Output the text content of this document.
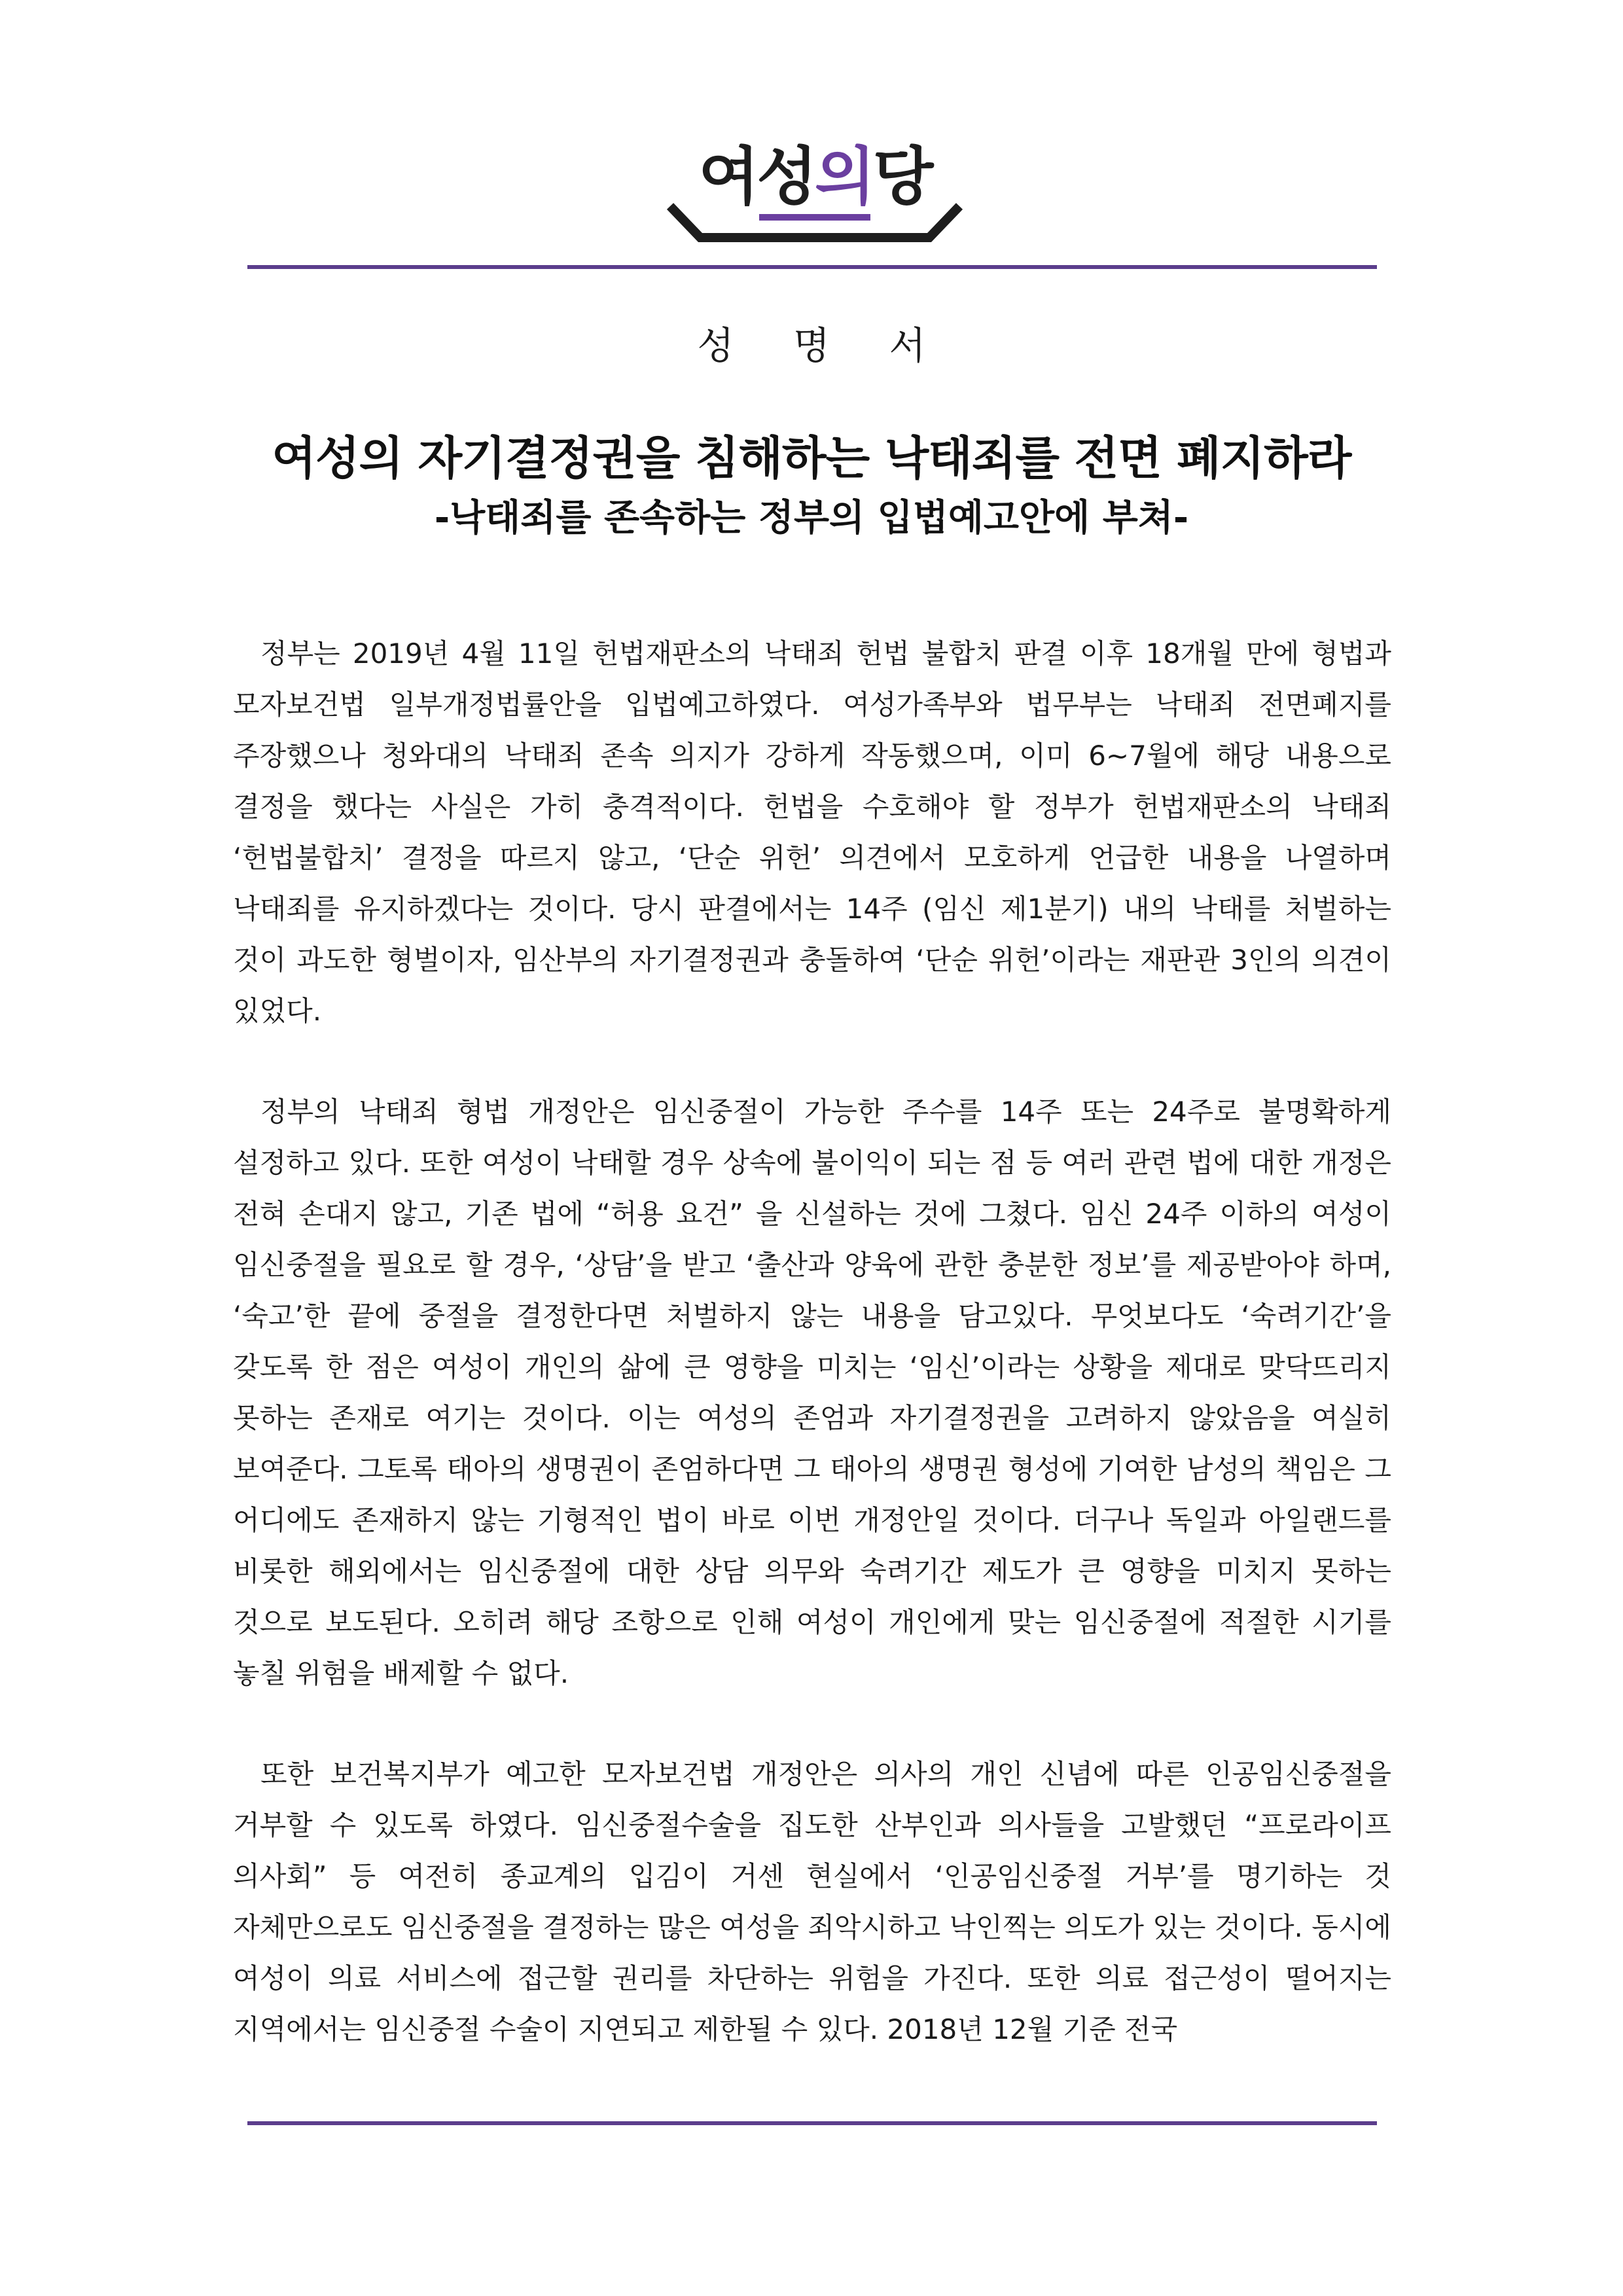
여성의당
성 명 서
여성의 자기결정권을 침해하는 낙태죄를 전면 폐지하라
-낙태죄를 존속하는 정부의 입법예고안에 부쳐-

정부는 2019년 4월 11일 헌법재판소의 낙태죄 헌법 불합치 판결 이후 18개월 만에 형법과 모자보건법 일부개정법률안을 입법예고하였다. 여성가족부와 법무부는 낙태죄 전면폐지를 주장했으나 청와대의 낙태죄 존속 의지가 강하게 작동했으며, 이미 6~7월에 해당 내용으로 결정을 했다는 사실은 가히 충격적이다. 헌법을 수호해야 할 정부가 헌법재판소의 낙태죄 ‘헌법불합치’ 결정을 따르지 않고, ‘단순 위헌’ 의견에서 모호하게 언급한 내용을 나열하며 낙태죄를 유지하겠다는 것이다. 당시 판결에서는 14주 (임신 제1분기) 내의 낙태를 처벌하는 것이 과도한 형벌이자, 임산부의 자기결정권과 충돌하여 ‘단순 위헌’이라는 재판관 3인의 의견이 있었다.

정부의 낙태죄 형법 개정안은 임신중절이 가능한 주수를 14주 또는 24주로 불명확하게 설정하고 있다. 또한 여성이 낙태할 경우 상속에 불이익이 되는 점 등 여러 관련 법에 대한 개정은 전혀 손대지 않고, 기존 법에 “허용 요건” 을 신설하는 것에 그쳤다. 임신 24주 이하의 여성이 임신중절을 필요로 할 경우, ‘상담’을 받고 ‘출산과 양육에 관한 충분한 정보’를 제공받아야 하며, ‘숙고’한 끝에 중절을 결정한다면 처벌하지 않는 내용을 담고있다. 무엇보다도 ‘숙려기간’을 갖도록 한 점은 여성이 개인의 삶에 큰 영향을 미치는 ‘임신’이라는 상황을 제대로 맞닥뜨리지 못하는 존재로 여기는 것이다. 이는 여성의 존엄과 자기결정권을 고려하지 않았음을 여실히 보여준다. 그토록 태아의 생명권이 존엄하다면 그 태아의 생명권 형성에 기여한 남성의 책임은 그 어디에도 존재하지 않는 기형적인 법이 바로 이번 개정안일 것이다. 더구나 독일과 아일랜드를 비롯한 해외에서는 임신중절에 대한 상담 의무와 숙려기간 제도가 큰 영향을 미치지 못하는 것으로 보도된다. 오히려 해당 조항으로 인해 여성이 개인에게 맞는 임신중절에 적절한 시기를 놓칠 위험을 배제할 수 없다.

또한 보건복지부가 예고한 모자보건법 개정안은 의사의 개인 신념에 따른 인공임신중절을 거부할 수 있도록 하였다. 임신중절수술을 집도한 산부인과 의사들을 고발했던 “프로라이프 의사회” 등 여전히 종교계의 입김이 거센 현실에서 ‘인공임신중절 거부’를 명기하는 것 자체만으로도 임신중절을 결정하는 많은 여성을 죄악시하고 낙인찍는 의도가 있는 것이다. 동시에 여성이 의료 서비스에 접근할 권리를 차단하는 위험을 가진다. 또한 의료 접근성이 떨어지는 지역에서는 임신중절 수술이 지연되고 제한될 수 있다. 2018년 12월 기준 전국
